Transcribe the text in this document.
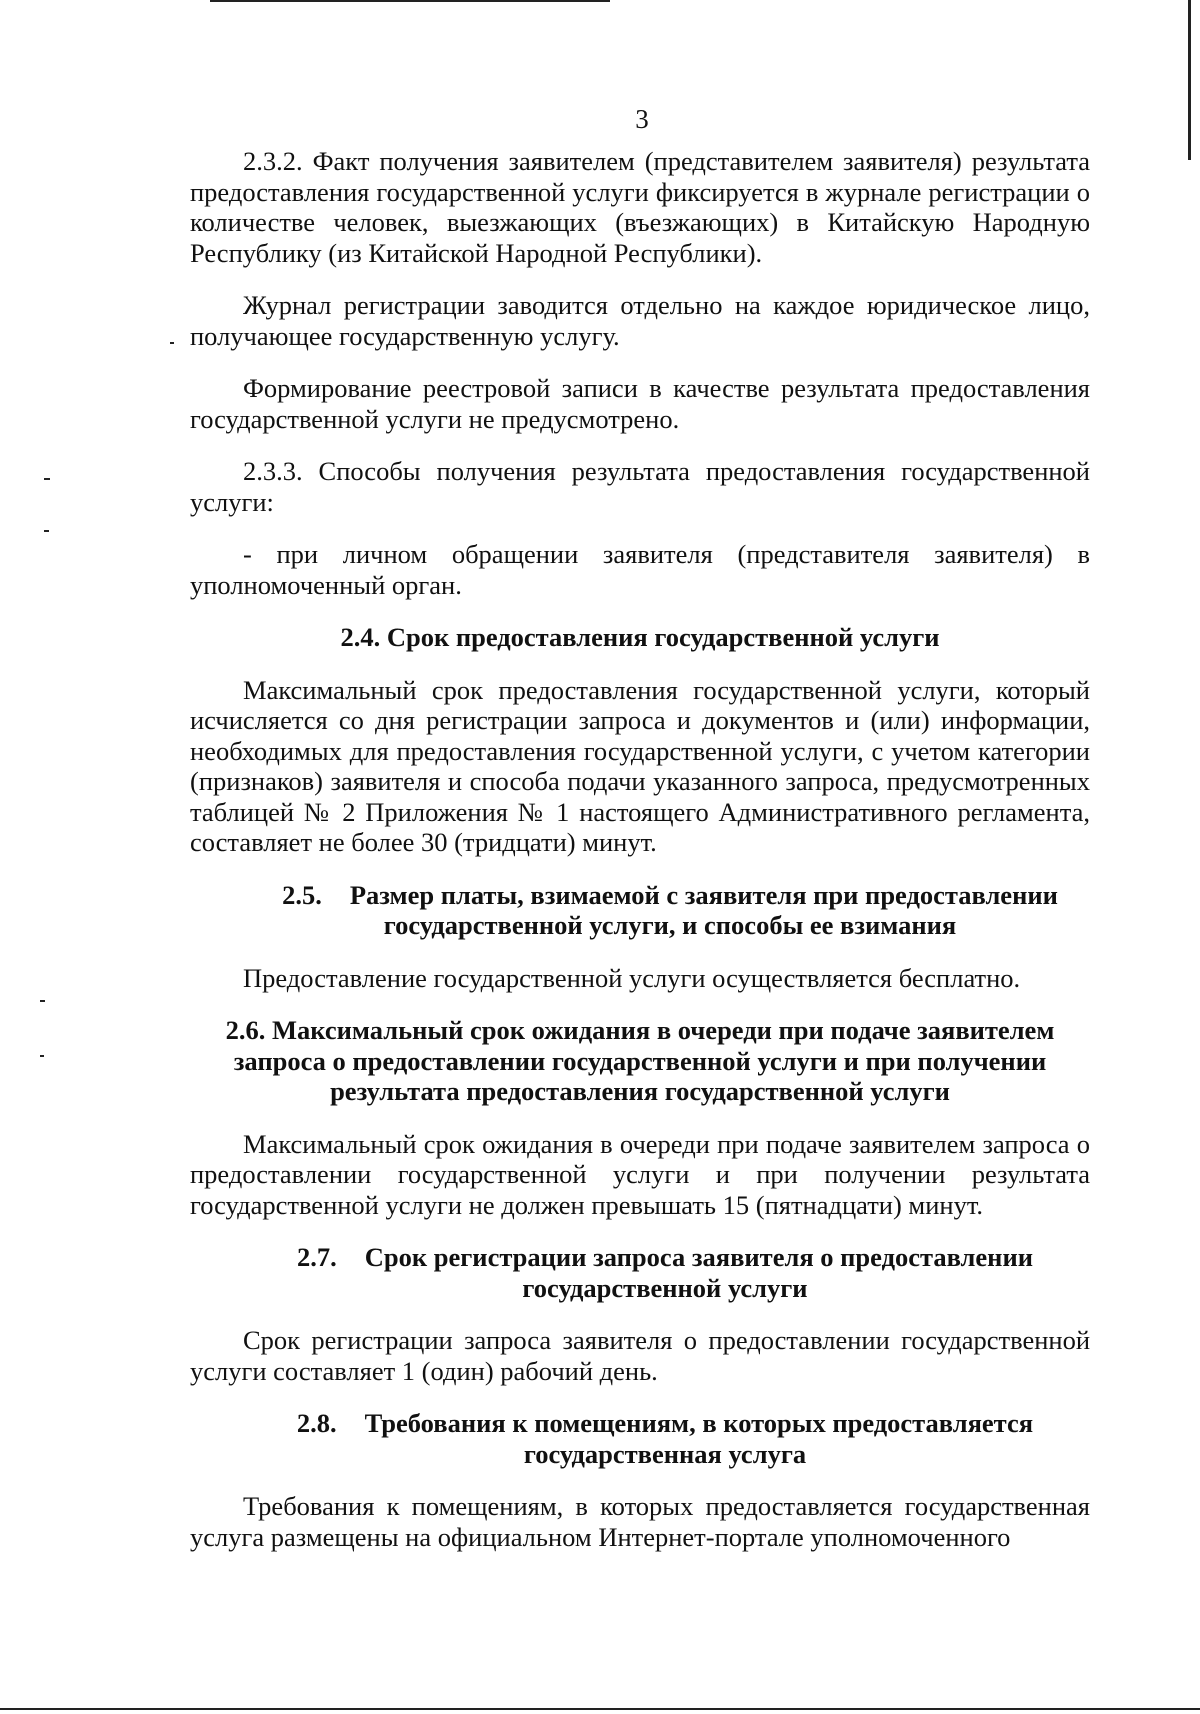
3

2.3.2. Факт получения заявителем (представителем заявителя) результата предоставления государственной услуги фиксируется в журнале регистрации о количестве человек, выезжающих (въезжающих) в Китайскую Народную Республику (из Китайской Народной Республики).

Журнал регистрации заводится отдельно на каждое юридическое лицо, получающее государственную услугу.

Формирование реестровой записи в качестве результата предоставления государственной услуги не предусмотрено.

2.3.3. Способы получения результата предоставления государственной услуги:

- при личном обращении заявителя (представителя заявителя) в уполномоченный орган.

2.4. Срок предоставления государственной услуги

Максимальный срок предоставления государственной услуги, который исчисляется со дня регистрации запроса и документов и (или) информации, необходимых для предоставления государственной услуги, с учетом категории (признаков) заявителя и способа подачи указанного запроса, предусмотренных таблицей № 2 Приложения № 1 настоящего Административного регламента, составляет не более 30 (тридцати) минут.

2.5. Размер платы, взимаемой с заявителя при предоставлении государственной услуги, и способы ее взимания

Предоставление государственной услуги осуществляется бесплатно.

2.6. Максимальный срок ожидания в очереди при подаче заявителем запроса о предоставлении государственной услуги и при получении результата предоставления государственной услуги

Максимальный срок ожидания в очереди при подаче заявителем запроса о предоставлении государственной услуги и при получении результата государственной услуги не должен превышать 15 (пятнадцати) минут.

2.7. Срок регистрации запроса заявителя о предоставлении государственной услуги

Срок регистрации запроса заявителя о предоставлении государственной услуги составляет 1 (один) рабочий день.

2.8. Требования к помещениям, в которых предоставляется государственная услуга

Требования к помещениям, в которых предоставляется государственная услуга размещены на официальном Интернет-портале уполномоченного
